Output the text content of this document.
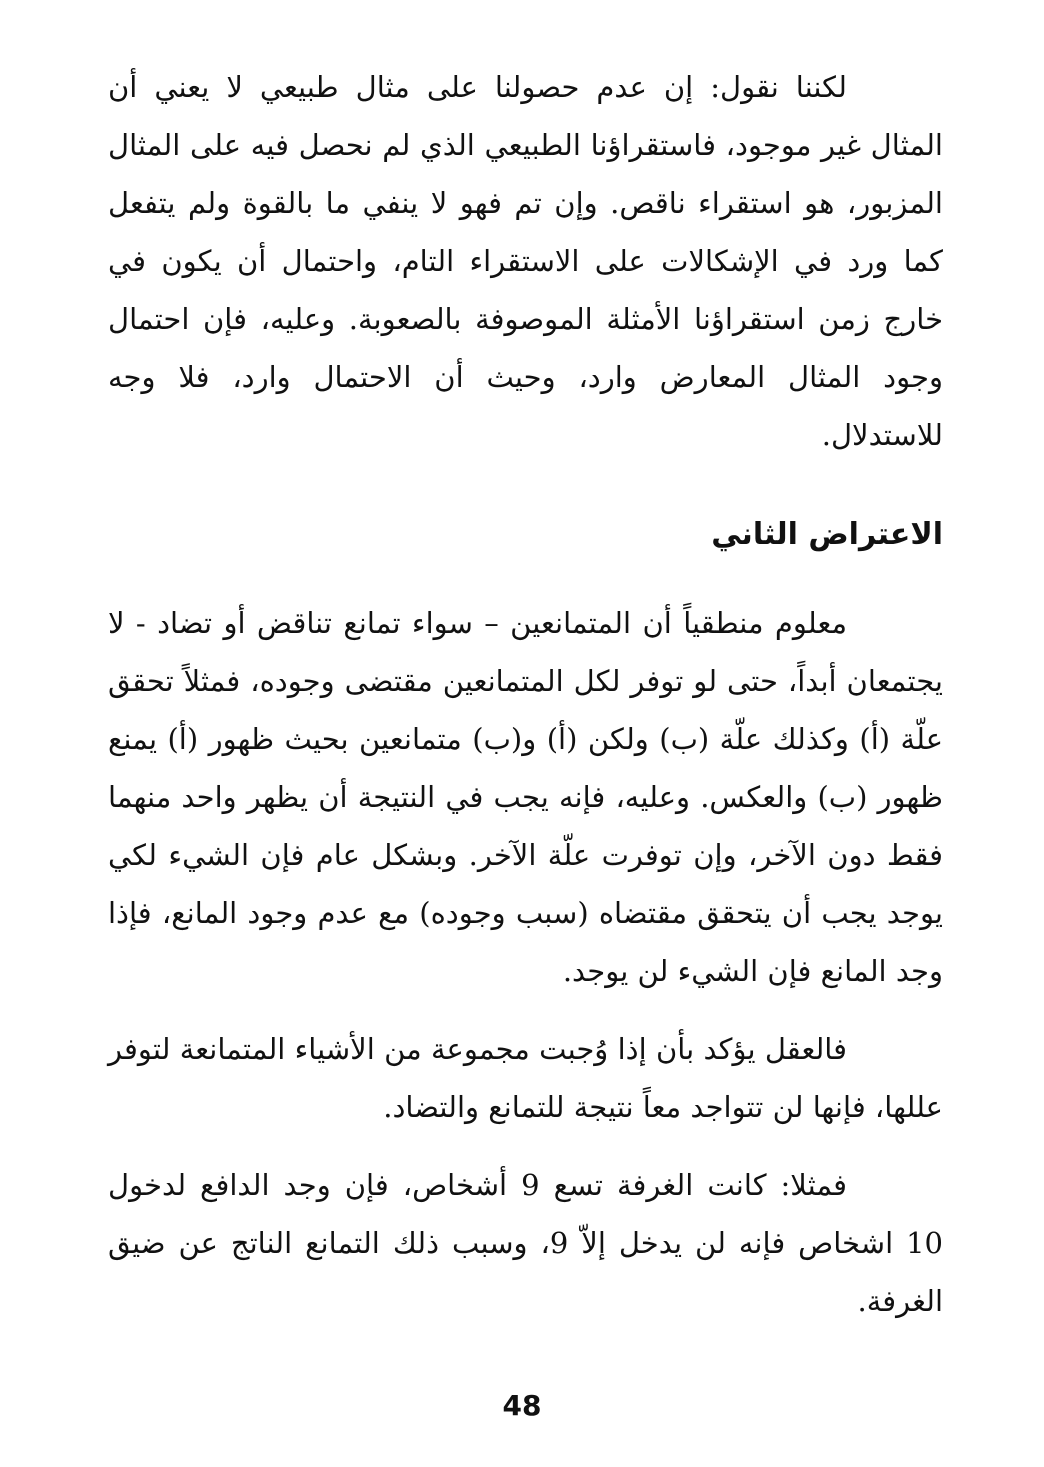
لكننا نقول: إن عدم حصولنا على مثال طبيعي لا يعني أن المثال غير موجود، فاستقراؤنا الطبيعي الذي لم نحصل فيه على المثال المزبور، هو استقراء ناقص. وإن تم فهو لا ينفي ما بالقوة ولم يتفعل كما ورد في الإشكالات على الاستقراء التام، واحتمال أن يكون في خارج زمن استقراؤنا الأمثلة الموصوفة بالصعوبة. وعليه، فإن احتمال وجود المثال المعارض وارد، وحيث أن الاحتمال وارد، فلا وجه للاستدلال.

الاعتراض الثاني

معلوم منطقياً أن المتمانعين – سواء تمانع تناقض أو تضاد - لا يجتمعان أبداً، حتى لو توفر لكل المتمانعين مقتضى وجوده، فمثلاً تحقق علّة (أ) وكذلك علّة (ب) ولكن (أ) و(ب) متمانعين بحيث ظهور (أ) يمنع ظهور (ب) والعكس. وعليه، فإنه يجب في النتيجة أن يظهر واحد منهما فقط دون الآخر، وإن توفرت علّة الآخر. وبشكل عام فإن الشيء لكي يوجد يجب أن يتحقق مقتضاه (سبب وجوده) مع عدم وجود المانع، فإذا وجد المانع فإن الشيء لن يوجد.

فالعقل يؤكد بأن إذا وُجبت مجموعة من الأشياء المتمانعة لتوفر عللها، فإنها لن تتواجد معاً نتيجة للتمانع والتضاد.

فمثلا: كانت الغرفة تسع 9 أشخاص، فإن وجد الدافع لدخول 10 اشخاص فإنه لن يدخل إلاّ 9، وسبب ذلك التمانع الناتج عن ضيق الغرفة.

48
